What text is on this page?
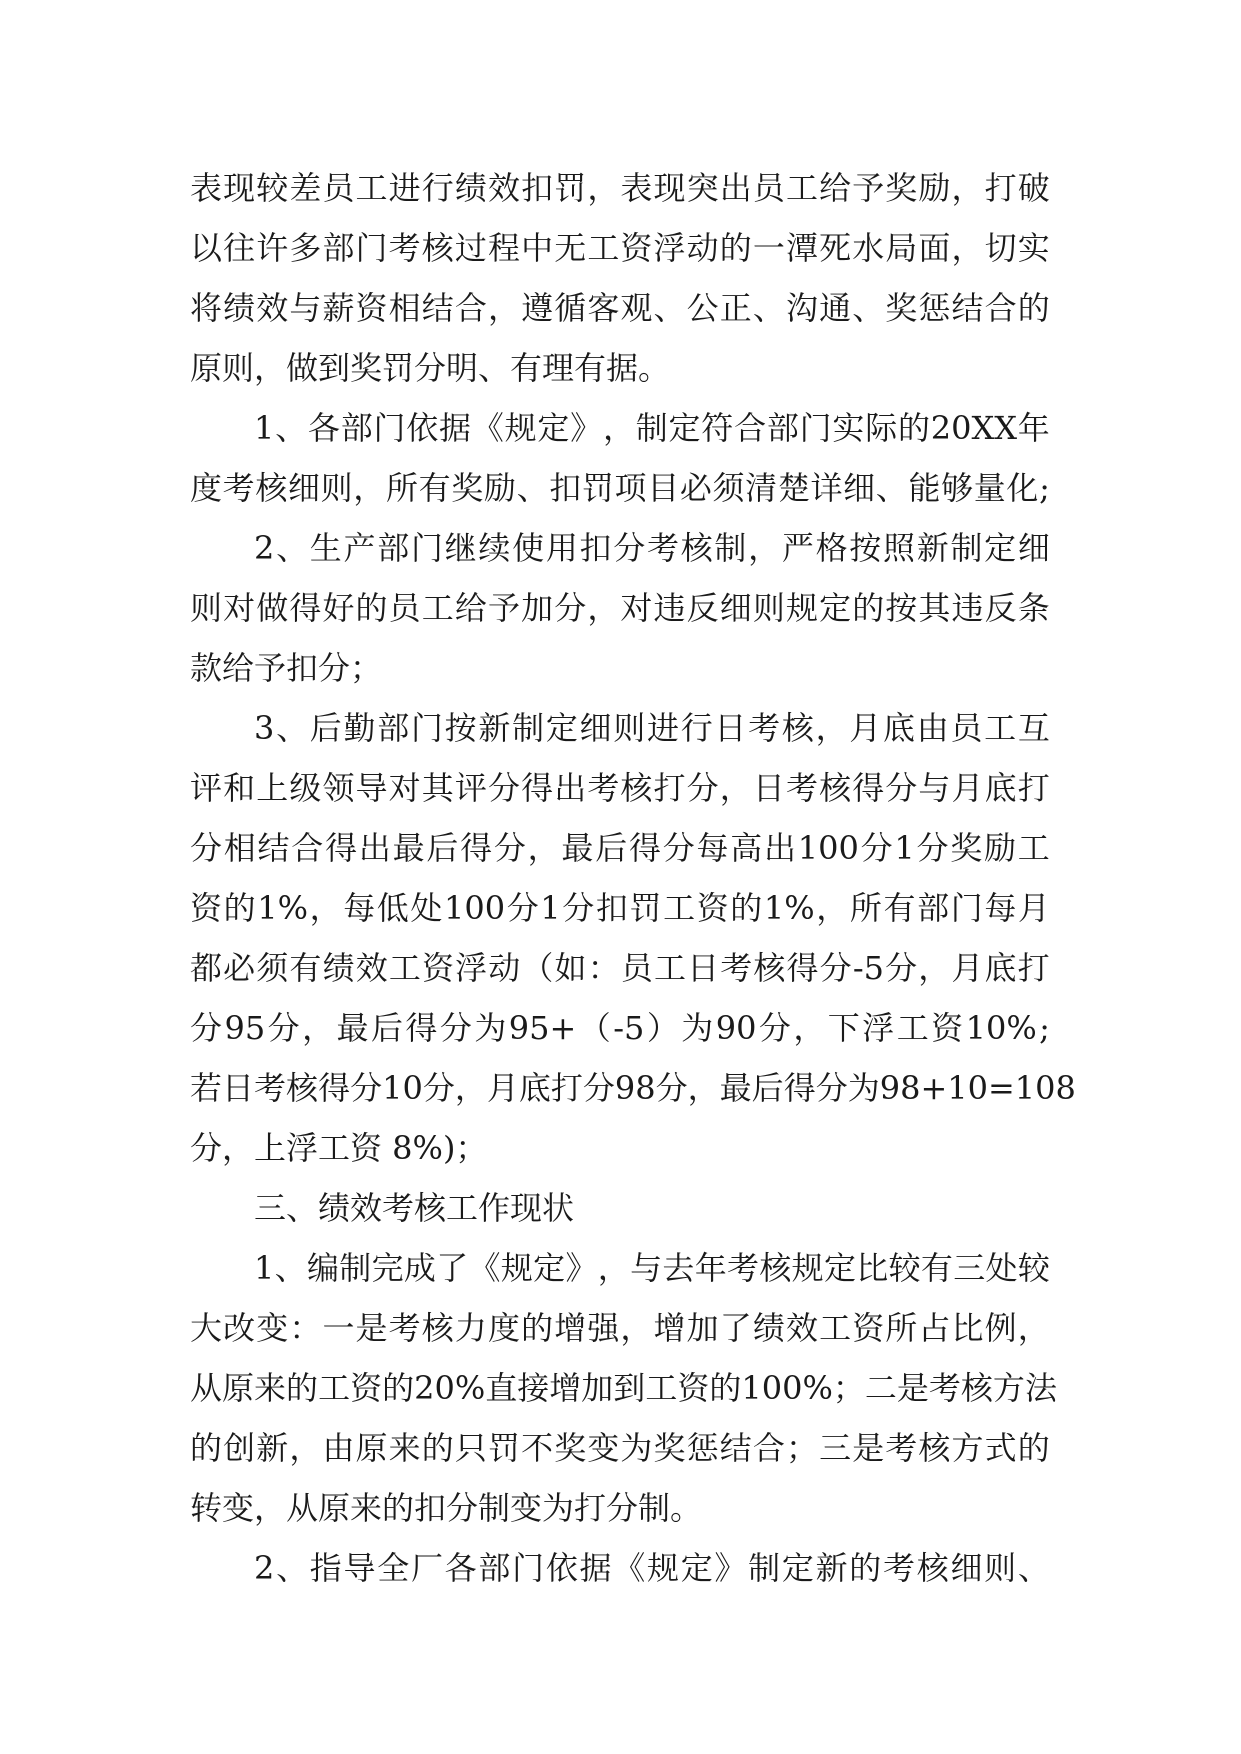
表 现 较 差 员 工 进 行 绩 效 扣 罚 ， 表 现 突 出 员 工 给 予 奖 励 ， 打 破
以 往 许 多 部 门 考 核 过 程 中 无 工 资 浮 动 的 一 潭 死 水 局 面 ， 切 实
将 绩 效 与 薪 资 相 结 合 ， 遵 循 客 观 、 公 正 、 沟 通 、 奖 惩 结 合 的
原则，做到奖罚分明、有理有据。
1 、 各 部 门 依 据 《 规 定 》 ， 制 定 符 合 部 门 实 际 的 20XX 年
度 考 核 细 则 ， 所 有 奖 励 、 扣 罚 项 目 必 须 清 楚 详 细 、 能 够 量 化 ;
2 、 生 产 部 门 继 续 使 用 扣 分 考 核 制 ， 严 格 按 照 新 制 定 细
则 对 做 得 好 的 员 工 给 予 加 分 ， 对 违 反 细 则 规 定 的 按 其 违 反 条
款给予扣分；
3 、 后 勤 部 门 按 新 制 定 细 则 进 行 日 考 核 ， 月 底 由 员 工 互
评 和 上 级 领 导 对 其 评 分 得 出 考 核 打 分 ， 日 考 核 得 分 与 月 底 打
分 相 结 合 得 出 最 后 得 分 ， 最 后 得 分 每 高 出 100 分 1 分 奖 励 工
资 的 1% ， 每 低 处 100 分 1 分 扣 罚 工 资 的 1% ， 所 有 部 门 每 月
都 必 须 有 绩 效 工 资 浮 动 （ 如 ： 员 工 日 考 核 得 分 -5 分 ， 月 底 打
分 95 分 ， 最 后 得 分 为 95+ （ -5 ） 为 90 分 ， 下 浮 工 资 10% ;
若 日 考 核 得 分 10 分 ， 月 底 打 分 98 分 ， 最 后 得 分 为 98+10=108
分，上浮工资 8%)；
三、绩效考核工作现状
1 、 编 制 完 成 了 《 规 定 》 ， 与 去 年 考 核 规 定 比 较 有 三 处 较
大 改 变 ： 一 是 考 核 力 度 的 增 强 ， 增 加 了 绩 效 工 资 所 占 比 例 ，
从 原 来 的 工 资 的 20% 直 接 增 加 到 工 资 的 100% ； 二 是 考 核 方 法
的 创 新 ， 由 原 来 的 只 罚 不 奖 变 为 奖 惩 结 合 ； 三 是 考 核 方 式 的
转变，从原来的扣分制变为打分制。
2 、 指 导 全 厂 各 部 门 依 据 《 规 定 》 制 定 新 的 考 核 细 则 、
